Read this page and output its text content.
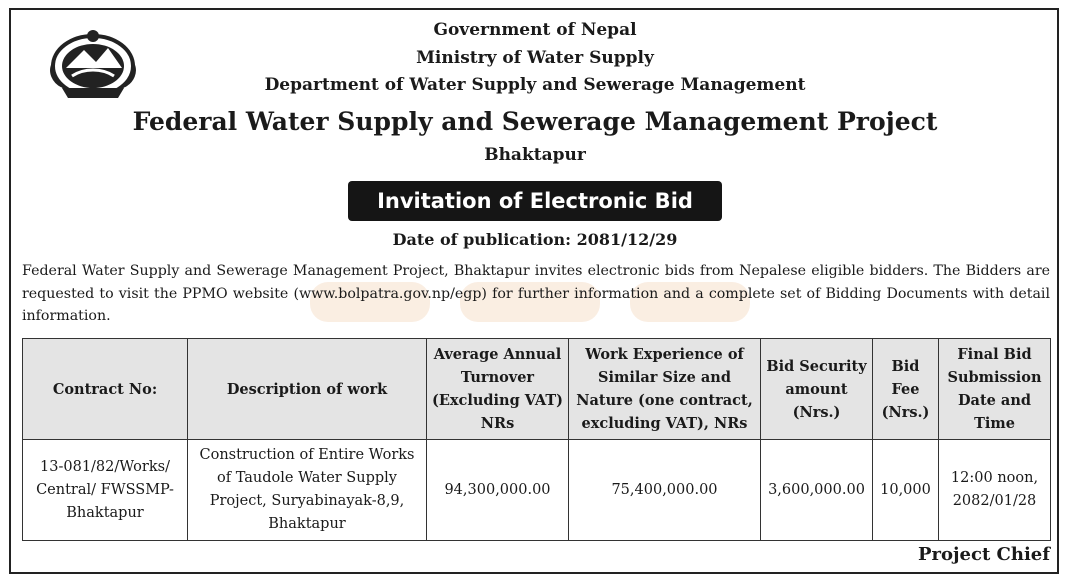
Government of Nepal
Ministry of Water Supply
Department of Water Supply and Sewerage Management
Federal Water Supply and Sewerage Management Project
Bhaktapur
Invitation of Electronic Bid
Date of publication: 2081/12/29

Federal Water Supply and Sewerage Management Project, Bhaktapur invites electronic bids from Nepalese eligible bidders. The Bidders are requested to visit the PPMO website (www.bolpatra.gov.np/egp) for further information and a complete set of Bidding Documents with detail information.

Contract No:	Description of work	Average Annual Turnover (Excluding VAT) NRs	Work Experience of Similar Size and Nature (one contract, excluding VAT), NRs	Bid Security amount (Nrs.)	Bid Fee (Nrs.)	Final Bid Submission Date and Time
13-081/82/Works/ Central/ FWSSMP-Bhaktapur	Construction of Entire Works of Taudole Water Supply Project, Suryabinayak-8,9, Bhaktapur	94,300,000.00	75,400,000.00	3,600,000.00	10,000	12:00 noon, 2082/01/28
Project Chief
